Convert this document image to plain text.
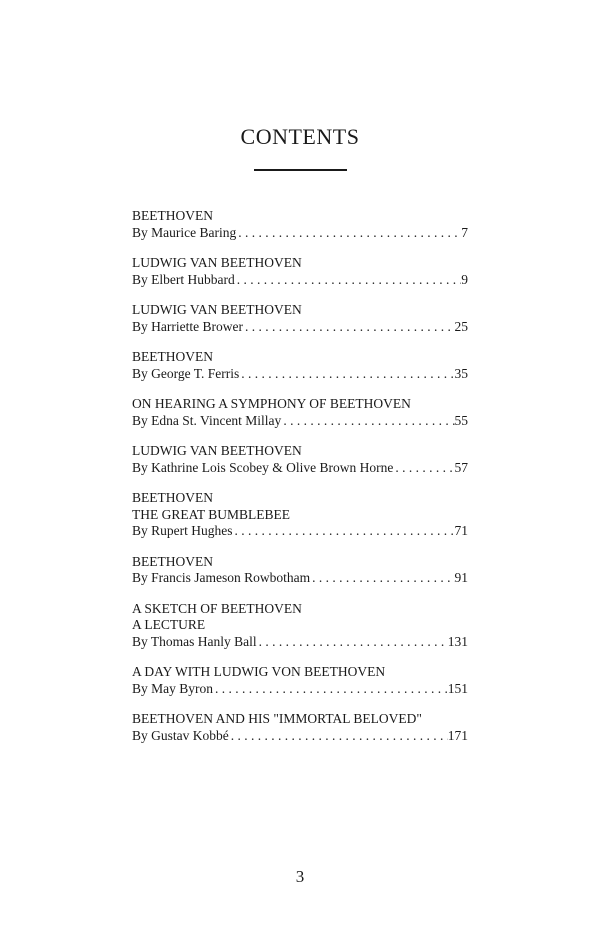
CONTENTS
BEETHOVEN
By Maurice Baring . . .	7
LUDWIG VAN BEETHOVEN
By Elbert Hubbard . . .	9
LUDWIG VAN BEETHOVEN
By Harriette Brower . . .	25
BEETHOVEN
By George T. Ferris . . .	35
ON HEARING A SYMPHONY OF BEETHOVEN
By Edna St. Vincent Millay . . .	55
LUDWIG VAN BEETHOVEN
By Kathrine Lois Scobey & Olive Brown Horne . . .	57
BEETHOVEN
THE GREAT BUMBLEBEE
By Rupert Hughes . . .	71
BEETHOVEN
By Francis Jameson Rowbotham . . .	91
A SKETCH OF BEETHOVEN
A LECTURE
By Thomas Hanly Ball . . .	131
A DAY WITH LUDWIG VON BEETHOVEN
By May Byron . . .	151
BEETHOVEN AND HIS "IMMORTAL BELOVED"
By Gustav Kobbé . . .	171
3
